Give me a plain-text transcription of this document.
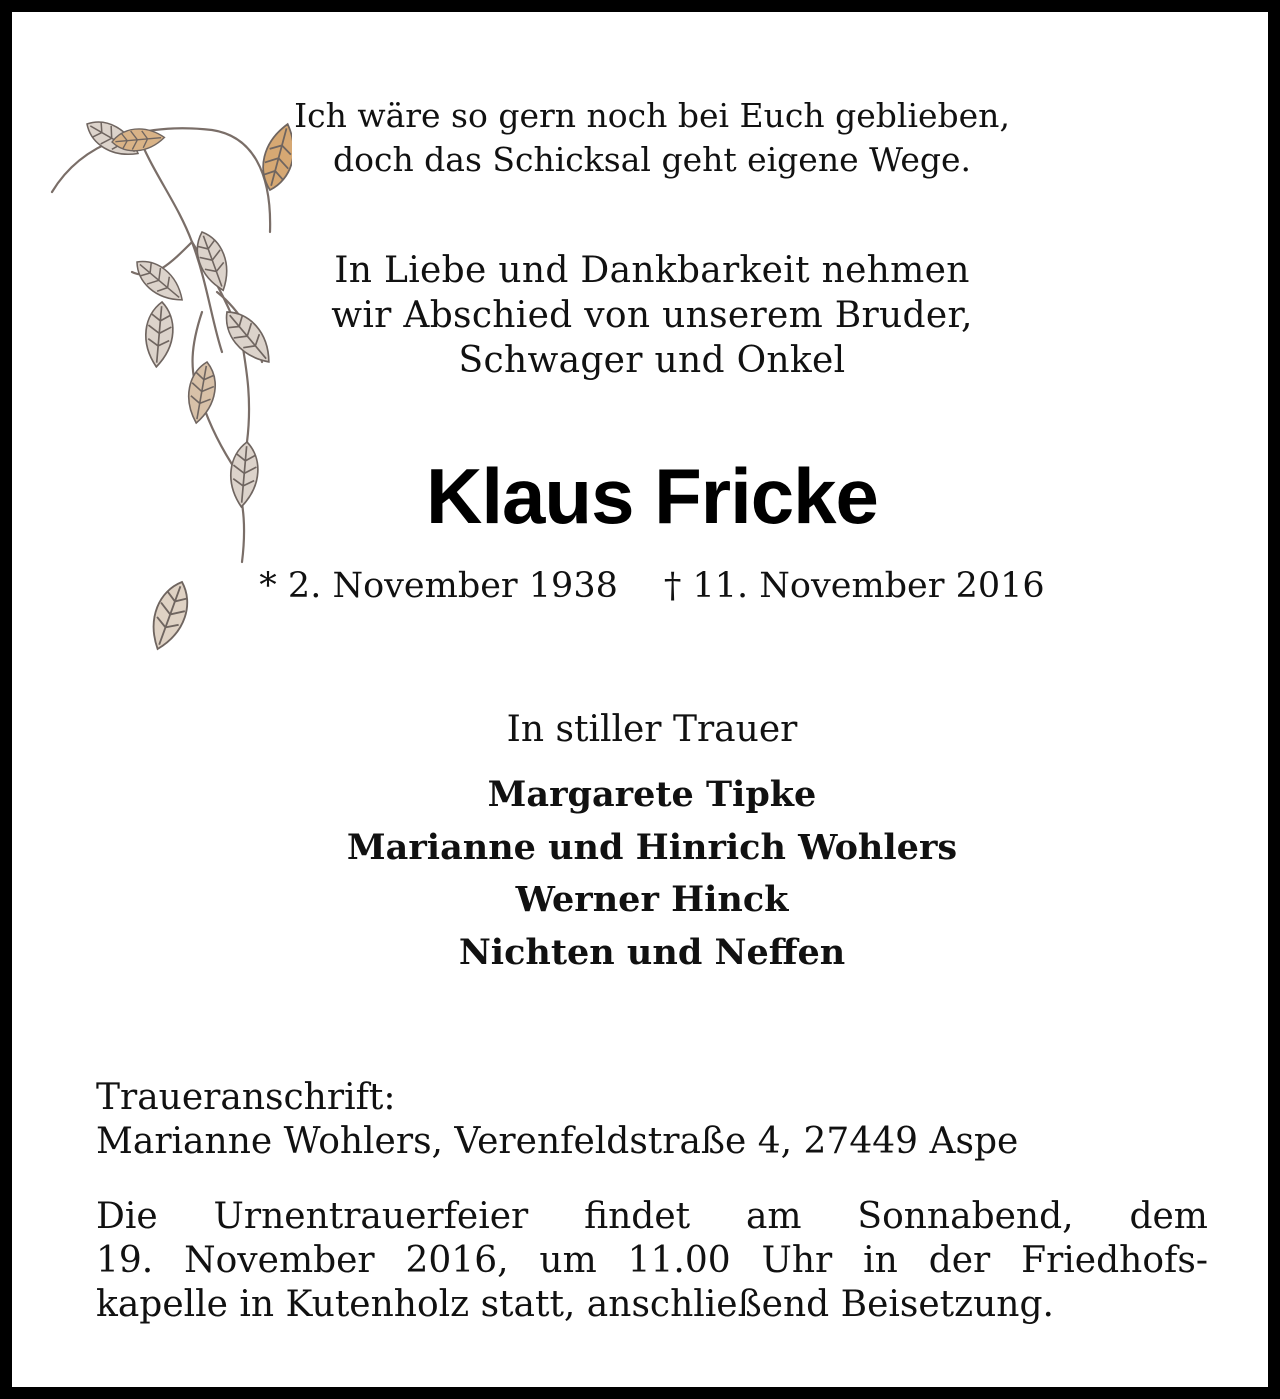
Ich wäre so gern noch bei Euch geblieben,
doch das Schicksal geht eigene Wege.
In Liebe und Dankbarkeit nehmen
wir Abschied von unserem Bruder,
Schwager und Onkel
Klaus Fricke
* 2. November 1938 † 11. November 2016
In stiller Trauer
Margarete Tipke
Marianne und Hinrich Wohlers
Werner Hinck
Nichten und Neffen
Traueranschrift:
Marianne Wohlers, Verenfeldstraße 4, 27449 Aspe
Die Urnentrauerfeier findet am Sonnabend, dem
19. November 2016, um 11.00 Uhr in der Friedhofs-
kapelle in Kutenholz statt, anschließend Beisetzung.
